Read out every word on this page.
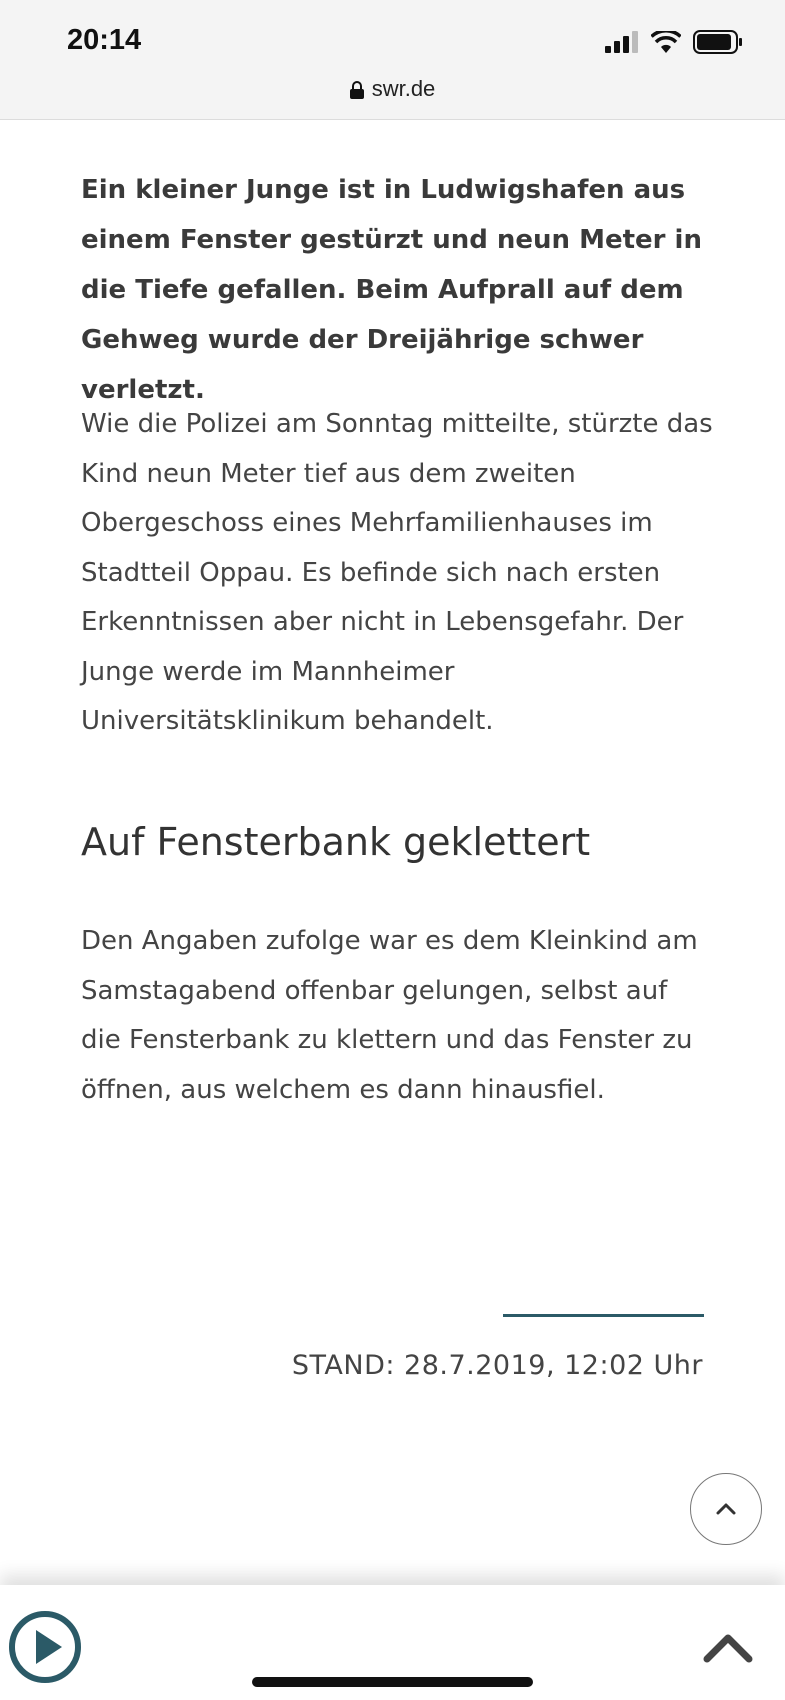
20:14
swr.de

Ein kleiner Junge ist in Ludwigshafen aus einem Fenster gestürzt und neun Meter in die Tiefe gefallen. Beim Aufprall auf dem Gehweg wurde der Dreijährige schwer verletzt.

Wie die Polizei am Sonntag mitteilte, stürzte das Kind neun Meter tief aus dem zweiten Obergeschoss eines Mehrfamilienhauses im Stadtteil Oppau. Es befinde sich nach ersten Erkenntnissen aber nicht in Lebensgefahr. Der Junge werde im Mannheimer Universitätsklinikum behandelt.

Auf Fensterbank geklettert

Den Angaben zufolge war es dem Kleinkind am Samstagabend offenbar gelungen, selbst auf die Fensterbank zu klettern und das Fenster zu öffnen, aus welchem es dann hinausfiel.

STAND: 28.7.2019, 12:02 Uhr
